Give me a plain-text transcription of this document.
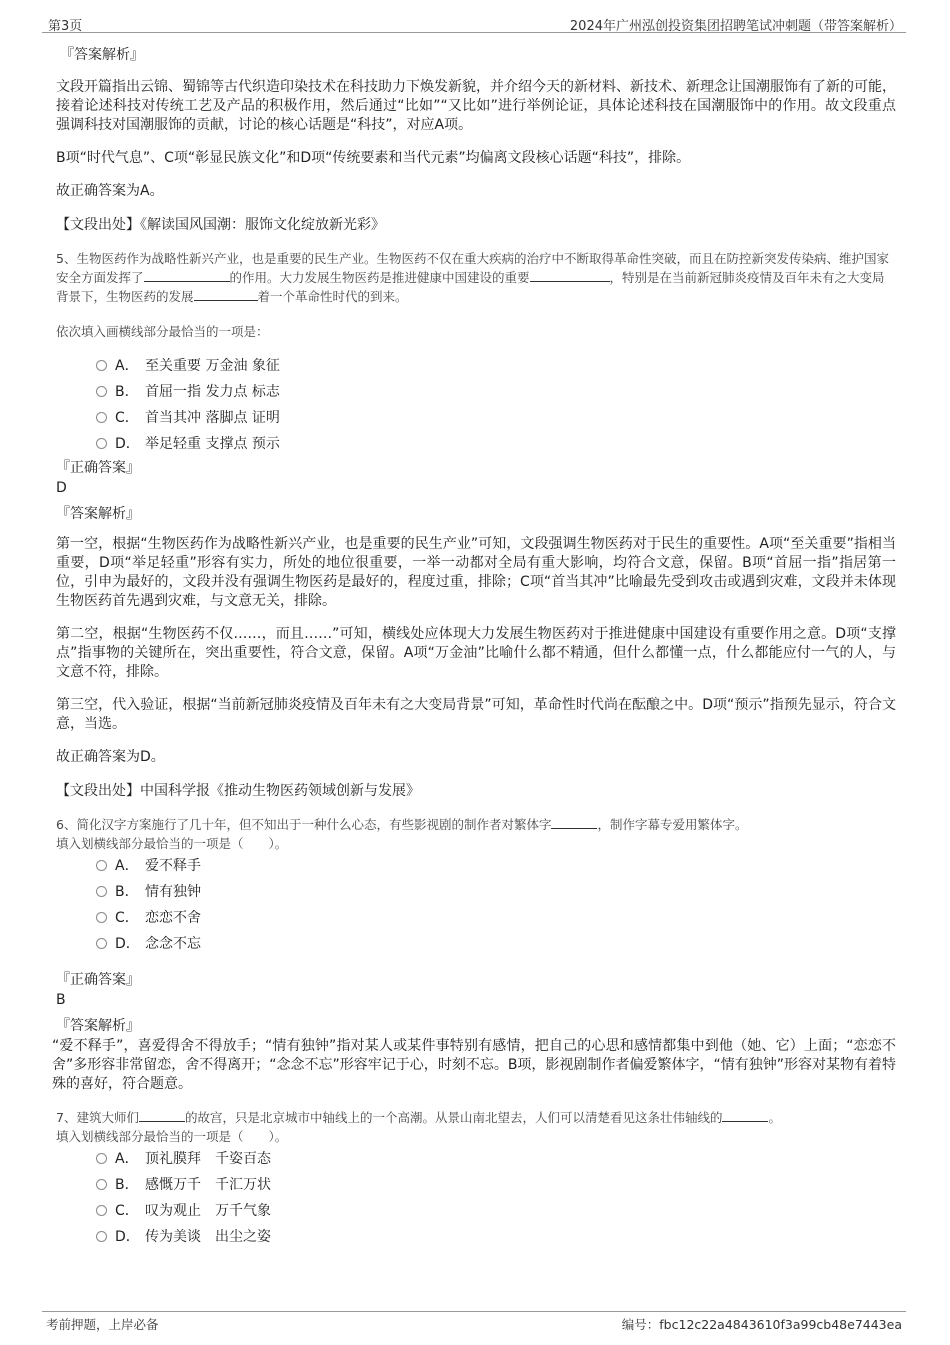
第3页	2024年广州泓创投资集团招聘笔试冲刺题（带答案解析）
『答案解析』

文段开篇指出云锦、蜀锦等古代织造印染技术在科技助力下焕发新貌，并介绍今天的新材料、新技术、新理念让国潮服饰有了新的可能，接着论述科技对传统工艺及产品的积极作用，然后通过“比如”“又比如”进行举例论证，具体论述科技在国潮服饰中的作用。故文段重点强调科技对国潮服饰的贡献，讨论的核心话题是“科技”，对应A项。

B项“时代气息”、C项“彰显民族文化”和D项“传统要素和当代元素”均偏离文段核心话题“科技”，排除。

故正确答案为A。

【文段出处】《解读国风国潮：服饰文化绽放新光彩》

5、生物医药作为战略性新兴产业，也是重要的民生产业。生物医药不仅在重大疾病的治疗中不断取得革命性突破，而且在防控新突发传染病、维护国家安全方面发挥了	的作用。大力发展生物医药是推进健康中国建设的重要	，特别是在当前新冠肺炎疫情及百年未有之大变局背景下，生物医药的发展	着一个革命性时代的到来。

依次填入画横线部分最恰当的一项是：

A． 至关重要 万金油 象征
B． 首屈一指 发力点 标志
C． 首当其冲 落脚点 证明
D． 举足轻重 支撑点 预示
『正确答案』
D
『答案解析』

第一空，根据“生物医药作为战略性新兴产业，也是重要的民生产业”可知，文段强调生物医药对于民生的重要性。A项“至关重要”指相当重要，D项“举足轻重”形容有实力，所处的地位很重要，一举一动都对全局有重大影响，均符合文意，保留。B项“首屈一指”指居第一位，引申为最好的，文段并没有强调生物医药是最好的，程度过重，排除；C项“首当其冲”比喻最先受到攻击或遇到灾难，文段并未体现生物医药首先遇到灾难，与文意无关，排除。

第二空，根据“生物医药不仅……，而且……”可知，横线处应体现大力发展生物医药对于推进健康中国建设有重要作用之意。D项“支撑点”指事物的关键所在，突出重要性，符合文意，保留。A项“万金油”比喻什么都不精通，但什么都懂一点，什么都能应付一气的人，与文意不符，排除。

第三空，代入验证，根据“当前新冠肺炎疫情及百年未有之大变局背景”可知，革命性时代尚在酝酿之中。D项“预示”指预先显示，符合文意，当选。

故正确答案为D。

【文段出处】中国科学报《推动生物医药领域创新与发展》

6、简化汉字方案施行了几十年，但不知出于一种什么心态，有些影视剧的制作者对繁体字	，制作字幕专爱用繁体字。

填入划横线部分最恰当的一项是（　　）。

A． 爱不释手
B． 情有独钟
C． 恋恋不舍
D． 念念不忘
『正确答案』
B
『答案解析』

“爱不释手”，喜爱得舍不得放手；“情有独钟”指对某人或某件事特别有感情，把自己的心思和感情都集中到他（她、它）上面；“恋恋不舍”多形容非常留恋，舍不得离开；“念念不忘”形容牢记于心，时刻不忘。B项，影视剧制作者偏爱繁体字，“情有独钟”形容对某物有着特殊的喜好，符合题意。

7、建筑大师们	的故宫，只是北京城市中轴线上的一个高潮。从景山南北望去，人们可以清楚看见这条壮伟轴线的	。

填入划横线部分最恰当的一项是（　　）。

A． 顶礼膜拜　千姿百态
B． 感慨万千　千汇万状
C． 叹为观止　万千气象
D． 传为美谈　出尘之姿
考前押题，上岸必备	编号：fbc12c22a4843610f3a99cb48e7443ea
